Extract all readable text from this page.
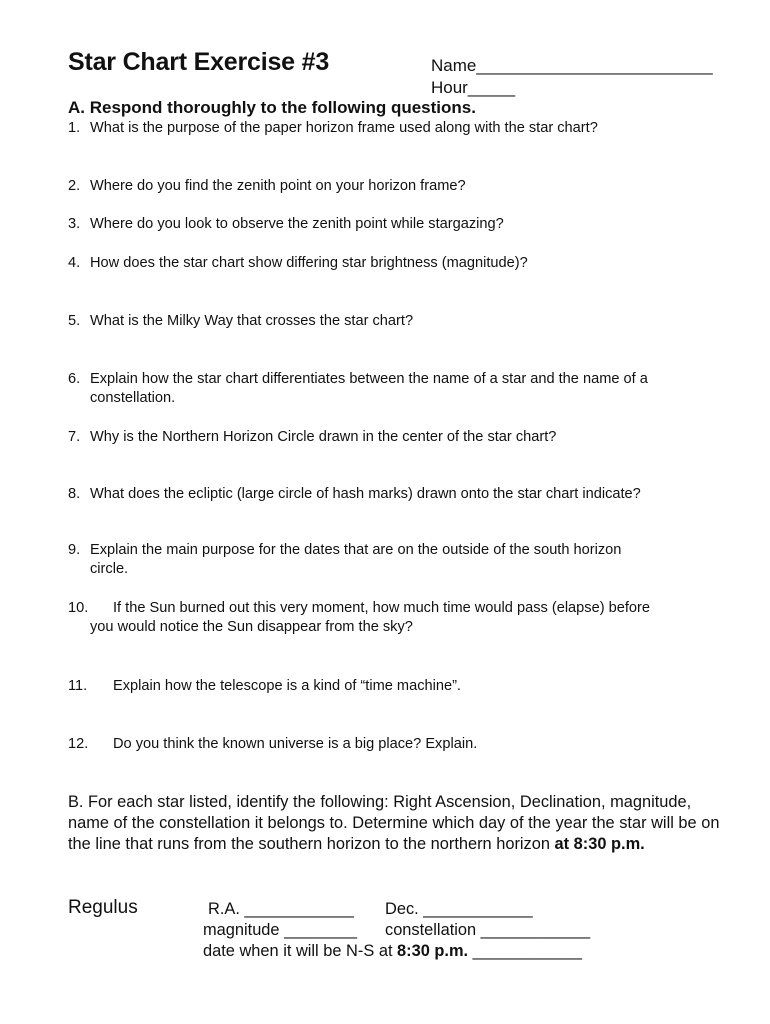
Star Chart Exercise #3	Name_________________________
Hour_____
A. Respond thoroughly to the following questions.
1. What is the purpose of the paper horizon frame used along with the star chart?
2. Where do you find the zenith point on your horizon frame?
3. Where do you look to observe the zenith point while stargazing?
4. How does the star chart show differing star brightness (magnitude)?
5. What is the Milky Way that crosses the star chart?
6. Explain how the star chart differentiates between the name of a star and the name of a
constellation.
7. Why is the Northern Horizon Circle drawn in the center of the star chart?
8. What does the ecliptic (large circle of hash marks) drawn onto the star chart indicate?
9. Explain the main purpose for the dates that are on the outside of the south horizon
circle.
10. If the Sun burned out this very moment, how much time would pass (elapse) before
you would notice the Sun disappear from the sky?
11. Explain how the telescope is a kind of “time machine”.
12. Do you think the known universe is a big place? Explain.
B. For each star listed, identify the following: Right Ascension, Declination, magnitude, name of the constellation it belongs to. Determine which day of the year the star will be on the line that runs from the southern horizon to the northern horizon at 8:30 p.m.
Regulus	R.A. ____________ Dec. ____________
magnitude ________ constellation ____________
date when it will be N-S at 8:30 p.m. ____________
